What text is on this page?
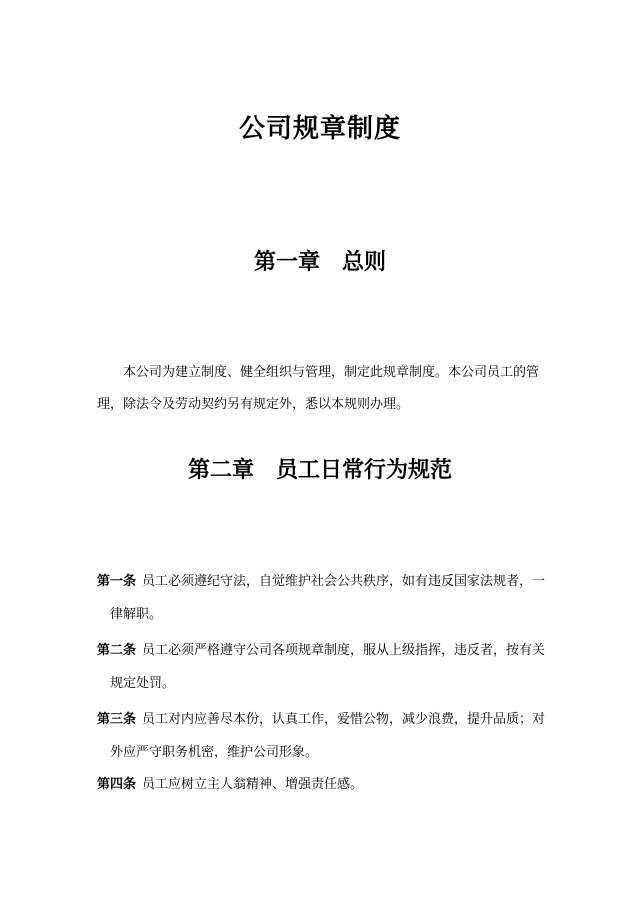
公司规章制度
第一章　总则
本公司为建立制度、健全组织与管理，制定此规章制度。本公司员工的管
理，除法令及劳动契约另有规定外，悉以本规则办理。
第二章　员工日常行为规范
第一条 员工必须遵纪守法，自觉维护社会公共秩序，如有违反国家法规者，一
律解职。
第二条 员工必须严格遵守公司各项规章制度，服从上级指挥，违反者，按有关
规定处罚。
第三条 员工对内应善尽本份，认真工作，爱惜公物，减少浪费，提升品质；对
外应严守职务机密，维护公司形象。
第四条 员工应树立主人翁精神、增强责任感。
